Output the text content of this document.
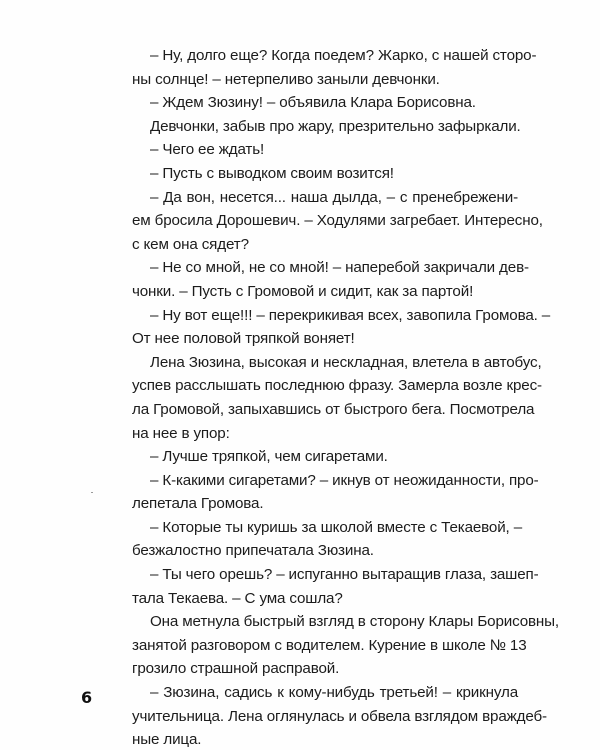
– Ну, долго еще? Когда поедем? Жарко, с нашей сторо-
ны солнце! – нетерпеливо заныли девчонки.
– Ждем Зюзину! – объявила Клара Борисовна.
Девчонки, забыв про жару, презрительно зафыркали.
– Чего ее ждать!
– Пусть с выводком своим возится!
– Да вон, несется... наша дылда, – с пренебрежени-
ем бросила Дорошевич. – Ходулями загребает. Интересно,
с кем она сядет?
– Не со мной, не со мной! – наперебой закричали дев-
чонки. – Пусть с Громовой и сидит, как за партой!
– Ну вот еще!!! – перекрикивая всех, завопила Громова. –
От нее половой тряпкой воняет!
Лена Зюзина, высокая и нескладная, влетела в автобус,
успев расслышать последнюю фразу. Замерла возле крес-
ла Громовой, запыхавшись от быстрого бега. Посмотрела
на нее в упор:
– Лучше тряпкой, чем сигаретами.
– К-какими сигаретами? – икнув от неожиданности, про-
лепетала Громова.
– Которые ты куришь за школой вместе с Текаевой, –
безжалостно припечатала Зюзина.
– Ты чего орешь? – испуганно вытаращив глаза, зашеп-
тала Текаева. – С ума сошла?
Она метнула быстрый взгляд в сторону Клары Борисовны,
занятой разговором с водителем. Курение в школе № 13
грозило страшной расправой.
– Зюзина, садись к кому-нибудь третьей! – крикнула
учительница. Лена оглянулась и обвела взглядом враждеб-
ные лица.
6
